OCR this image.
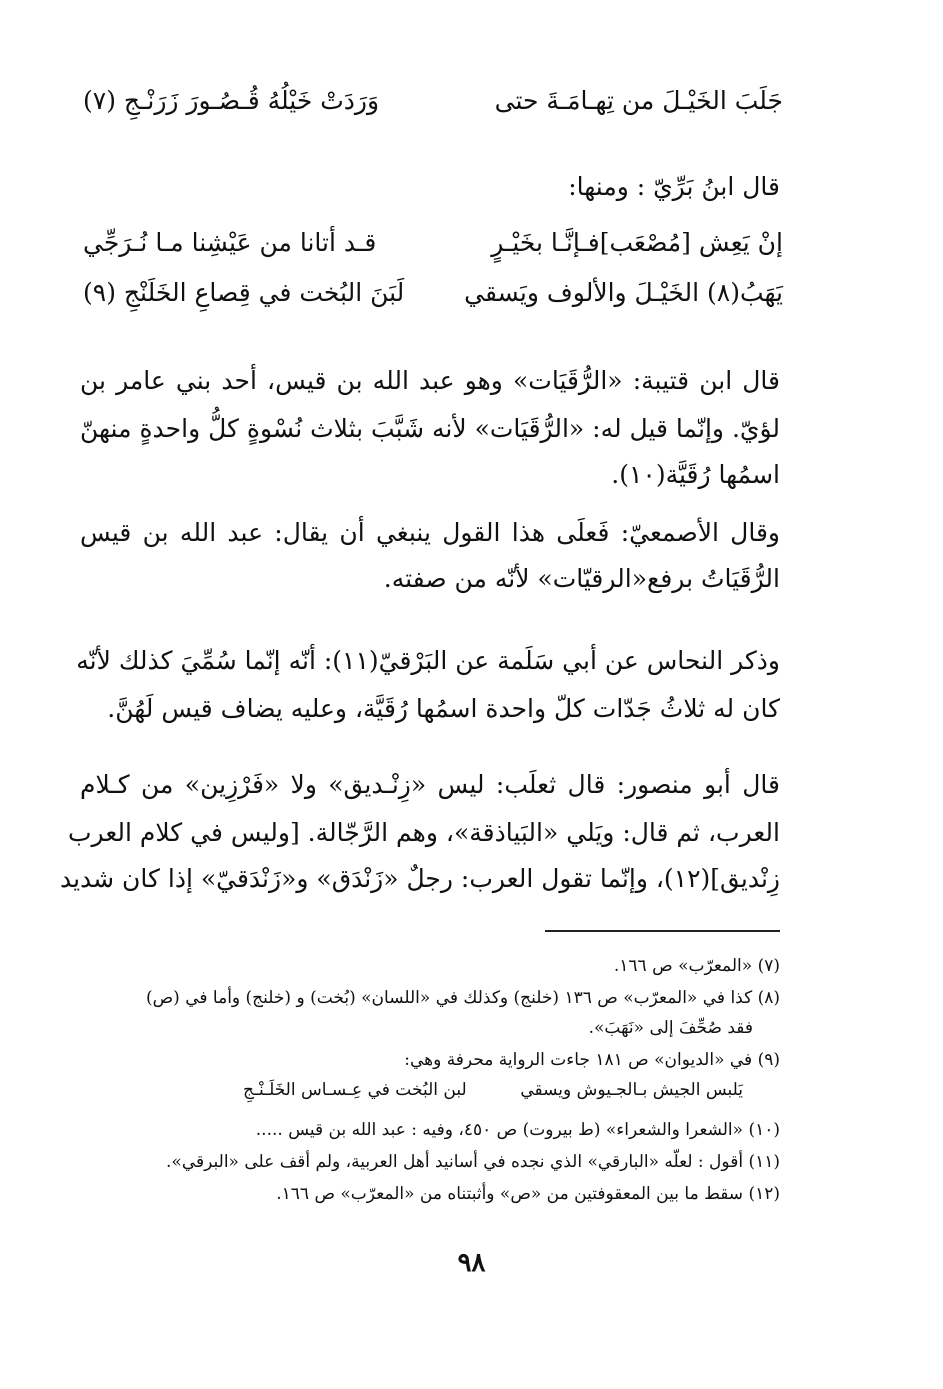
جَلَبَ الخَيْـلَ من تِهـامَـةَ حتى
وَرَدَتْ خَيْلُهُ قُـصُـورَ زَرَنْـجِ (٧)
قال ابنُ بَرِّيّ : ومنها:
إنْ يَعِش [مُصْعَب]فـإنَّـا بخَيْـرٍ
قـد أتانا من عَيْشِنا مـا نُـرَجِّي
يَهَبُ(٨) الخَيْـلَ والألوف ويَسقي
لَبَنَ البُخت في قِصاعِ الخَلَنْجِ (٩)
قال ابن قتيبة: «الرُّقَيَات» وهو عبد الله بن قيس، أحد بني عامر بن
لؤيّ. وإنّما قيل له: «الرُّقَيَات» لأنه شَبَّبَ بثلاث نُسْوةٍ كلُّ واحدةٍ منهنّ
اسمُها رُقَيَّة(١٠).
وقال الأصمعيّ: فَعلَى هذا القول ينبغي أن يقال: عبد الله بن قيس
الرُّقَيَاتُ برفع«الرقيّات» لأنّه من صفته.
وذكر النحاس عن أبي سَلَمة عن البَرْقيّ(١١): أنّه إنّما سُمِّيَ كذلك لأنّه
كان له ثلاثُ جَدّات كلّ واحدة اسمُها رُقَيَّة، وعليه يضاف قيس لَهُنَّ.
قال أبو منصور: قال ثعلَب: ليس «زِنْـديق» ولا «فَرْزِين» من كـلام
العرب، ثم قال: ويَلي «البَياذقة»، وهم الرَّجّالة. [وليس في كلام العرب
زِنْديق](١٢)، وإنّما تقول العرب: رجلٌ «زَنْدَق» و«زَنْدَقيّ» إذا كان شديد
(٧) «المعرّب» ص ١٦٦.
(٨) كذا في «المعرّب» ص ١٣٦ (خلنج) وكذلك في «اللسان» (بُخت) و (خلنج) وأما في (ص)
فقد صُحِّفَ إلى «نَهَبَ».
(٩) في «الديوان» ص ١٨١ جاءت الرواية محرفة وهي:
يَلبس الجيش بـالجـيوش ويسقي
لبن البُخت في عِـسـاس الخَلَـنْـجِ
(١٠) «الشعرا والشعراء» (ط بيروت) ص ٤٥٠، وفيه : عبد الله بن قيس .....
(١١) أقول : لعلّه «البارقي» الذي نجده في أسانيد أهل العربية، ولم أقف على «البرقي».
(١٢) سقط ما بين المعقوفتين من «ص» وأثبتناه من «المعرّب» ص ١٦٦.
٩٨
